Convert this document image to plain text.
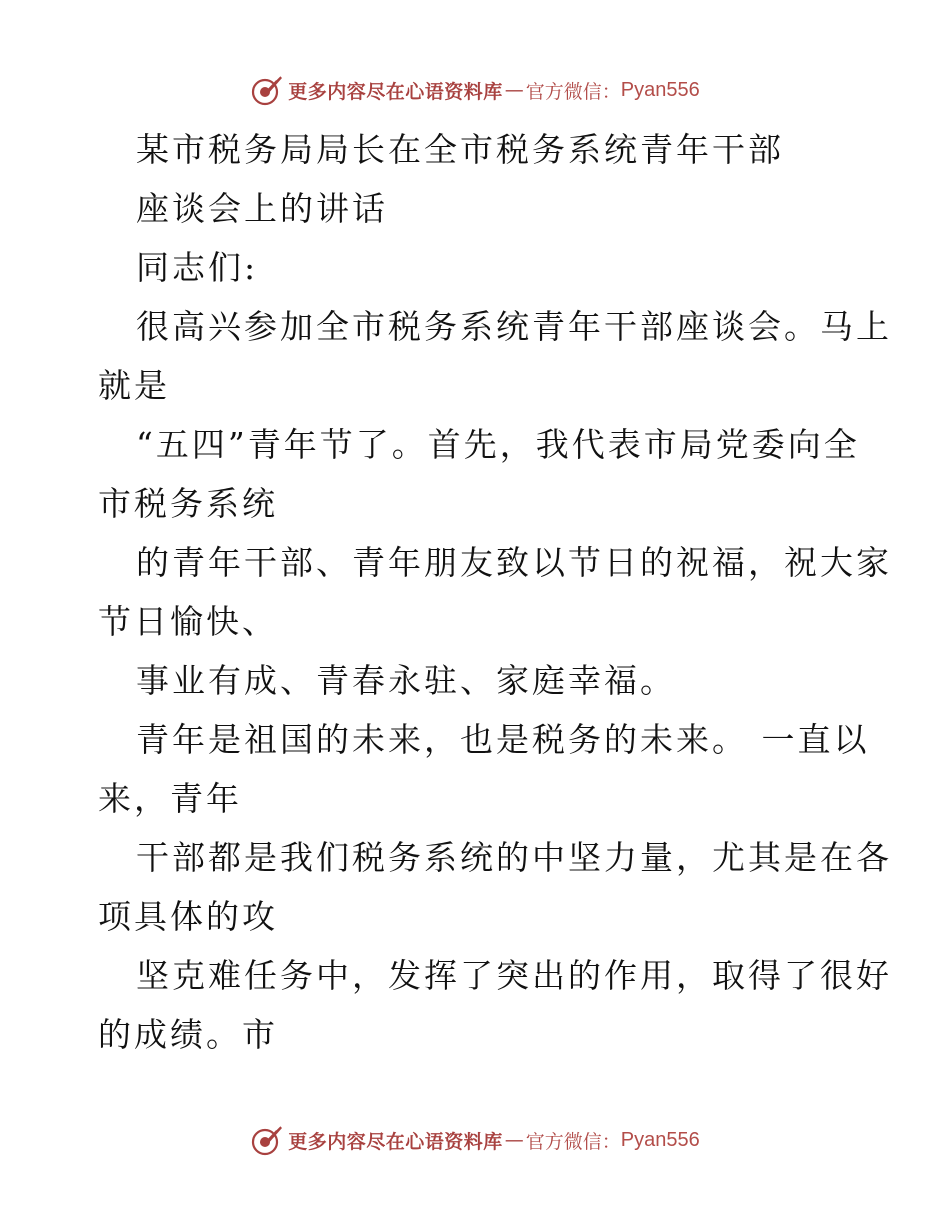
更多内容尽在心语资料库 — 官方微信： Pyan556
某市税务局局长在全市税务系统青年干部
座谈会上的讲话
同志们:
很高兴参加全市税务系统青年干部座谈会。马上
就是
“五四”青年节了。首先，我代表市局党委向全
市税务系统
的青年干部、青年朋友致以节日的祝福，祝大家
节日愉快、
事业有成、青春永驻、家庭幸福。
青年是祖国的未来，也是税务的未来。 一直以
来，青年
干部都是我们税务系统的中坚力量，尤其是在各
项具体的攻
坚克难任务中，发挥了突出的作用，取得了很好
的成绩。市
更多内容尽在心语资料库 — 官方微信： Pyan556
